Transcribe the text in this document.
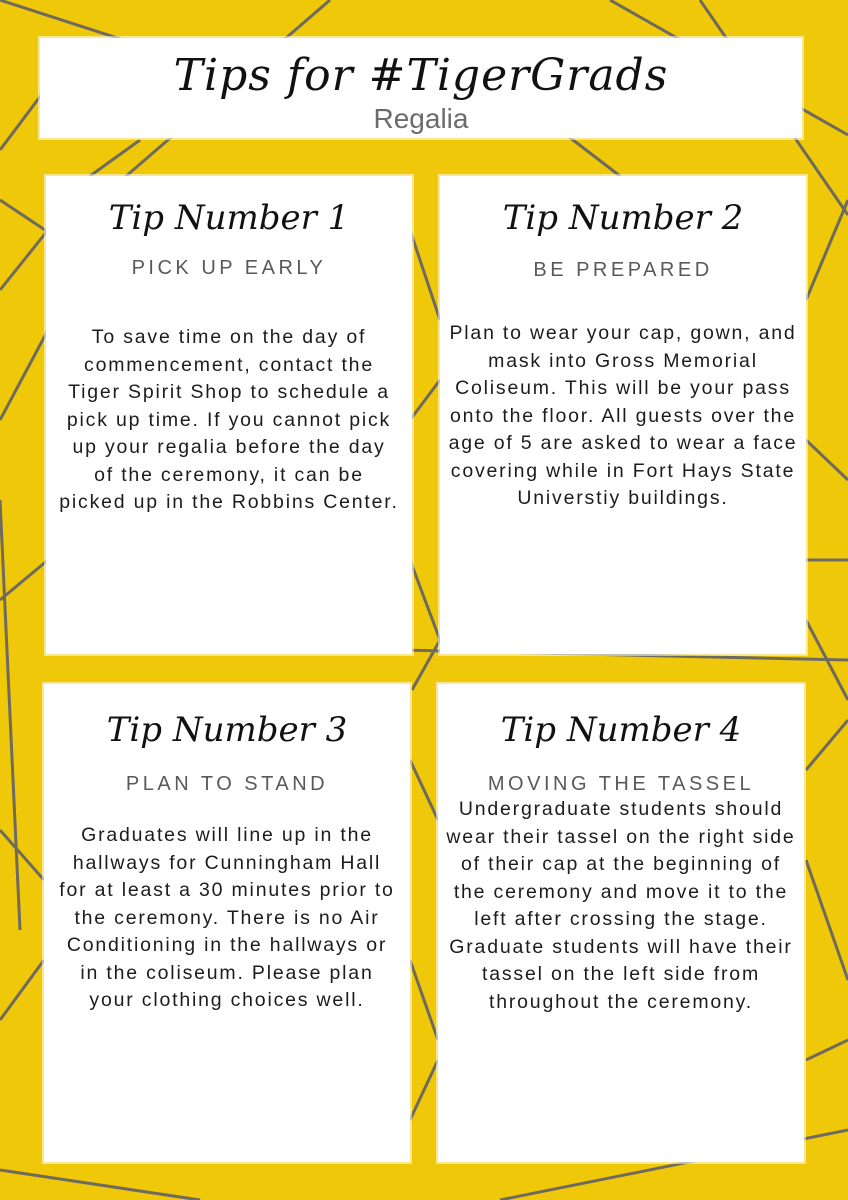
Tips for #TigerGrads
Regalia
Tip Number 1
PICK UP EARLY
To save time on the day of commencement, contact the Tiger Spirit Shop to schedule a pick up time. If you cannot pick up your regalia before the day of the ceremony, it can be picked up in the Robbins Center.
Tip Number 2
BE PREPARED
Plan to wear your cap, gown, and mask into Gross Memorial Coliseum. This will be your pass onto the floor. All guests over the age of 5 are asked to wear a face covering while in Fort Hays State Universtiy buildings.
Tip Number 3
PLAN TO STAND
Graduates will line up in the hallways for Cunningham Hall for at least a 30 minutes prior to the ceremony. There is no Air Conditioning in the hallways or in the coliseum. Please plan your clothing choices well.
Tip Number 4
MOVING THE TASSEL
Undergraduate students should wear their tassel on the right side of their cap at the beginning of the ceremony and move it to the left after crossing the stage. Graduate students will have their tassel on the left side from throughout the ceremony.
